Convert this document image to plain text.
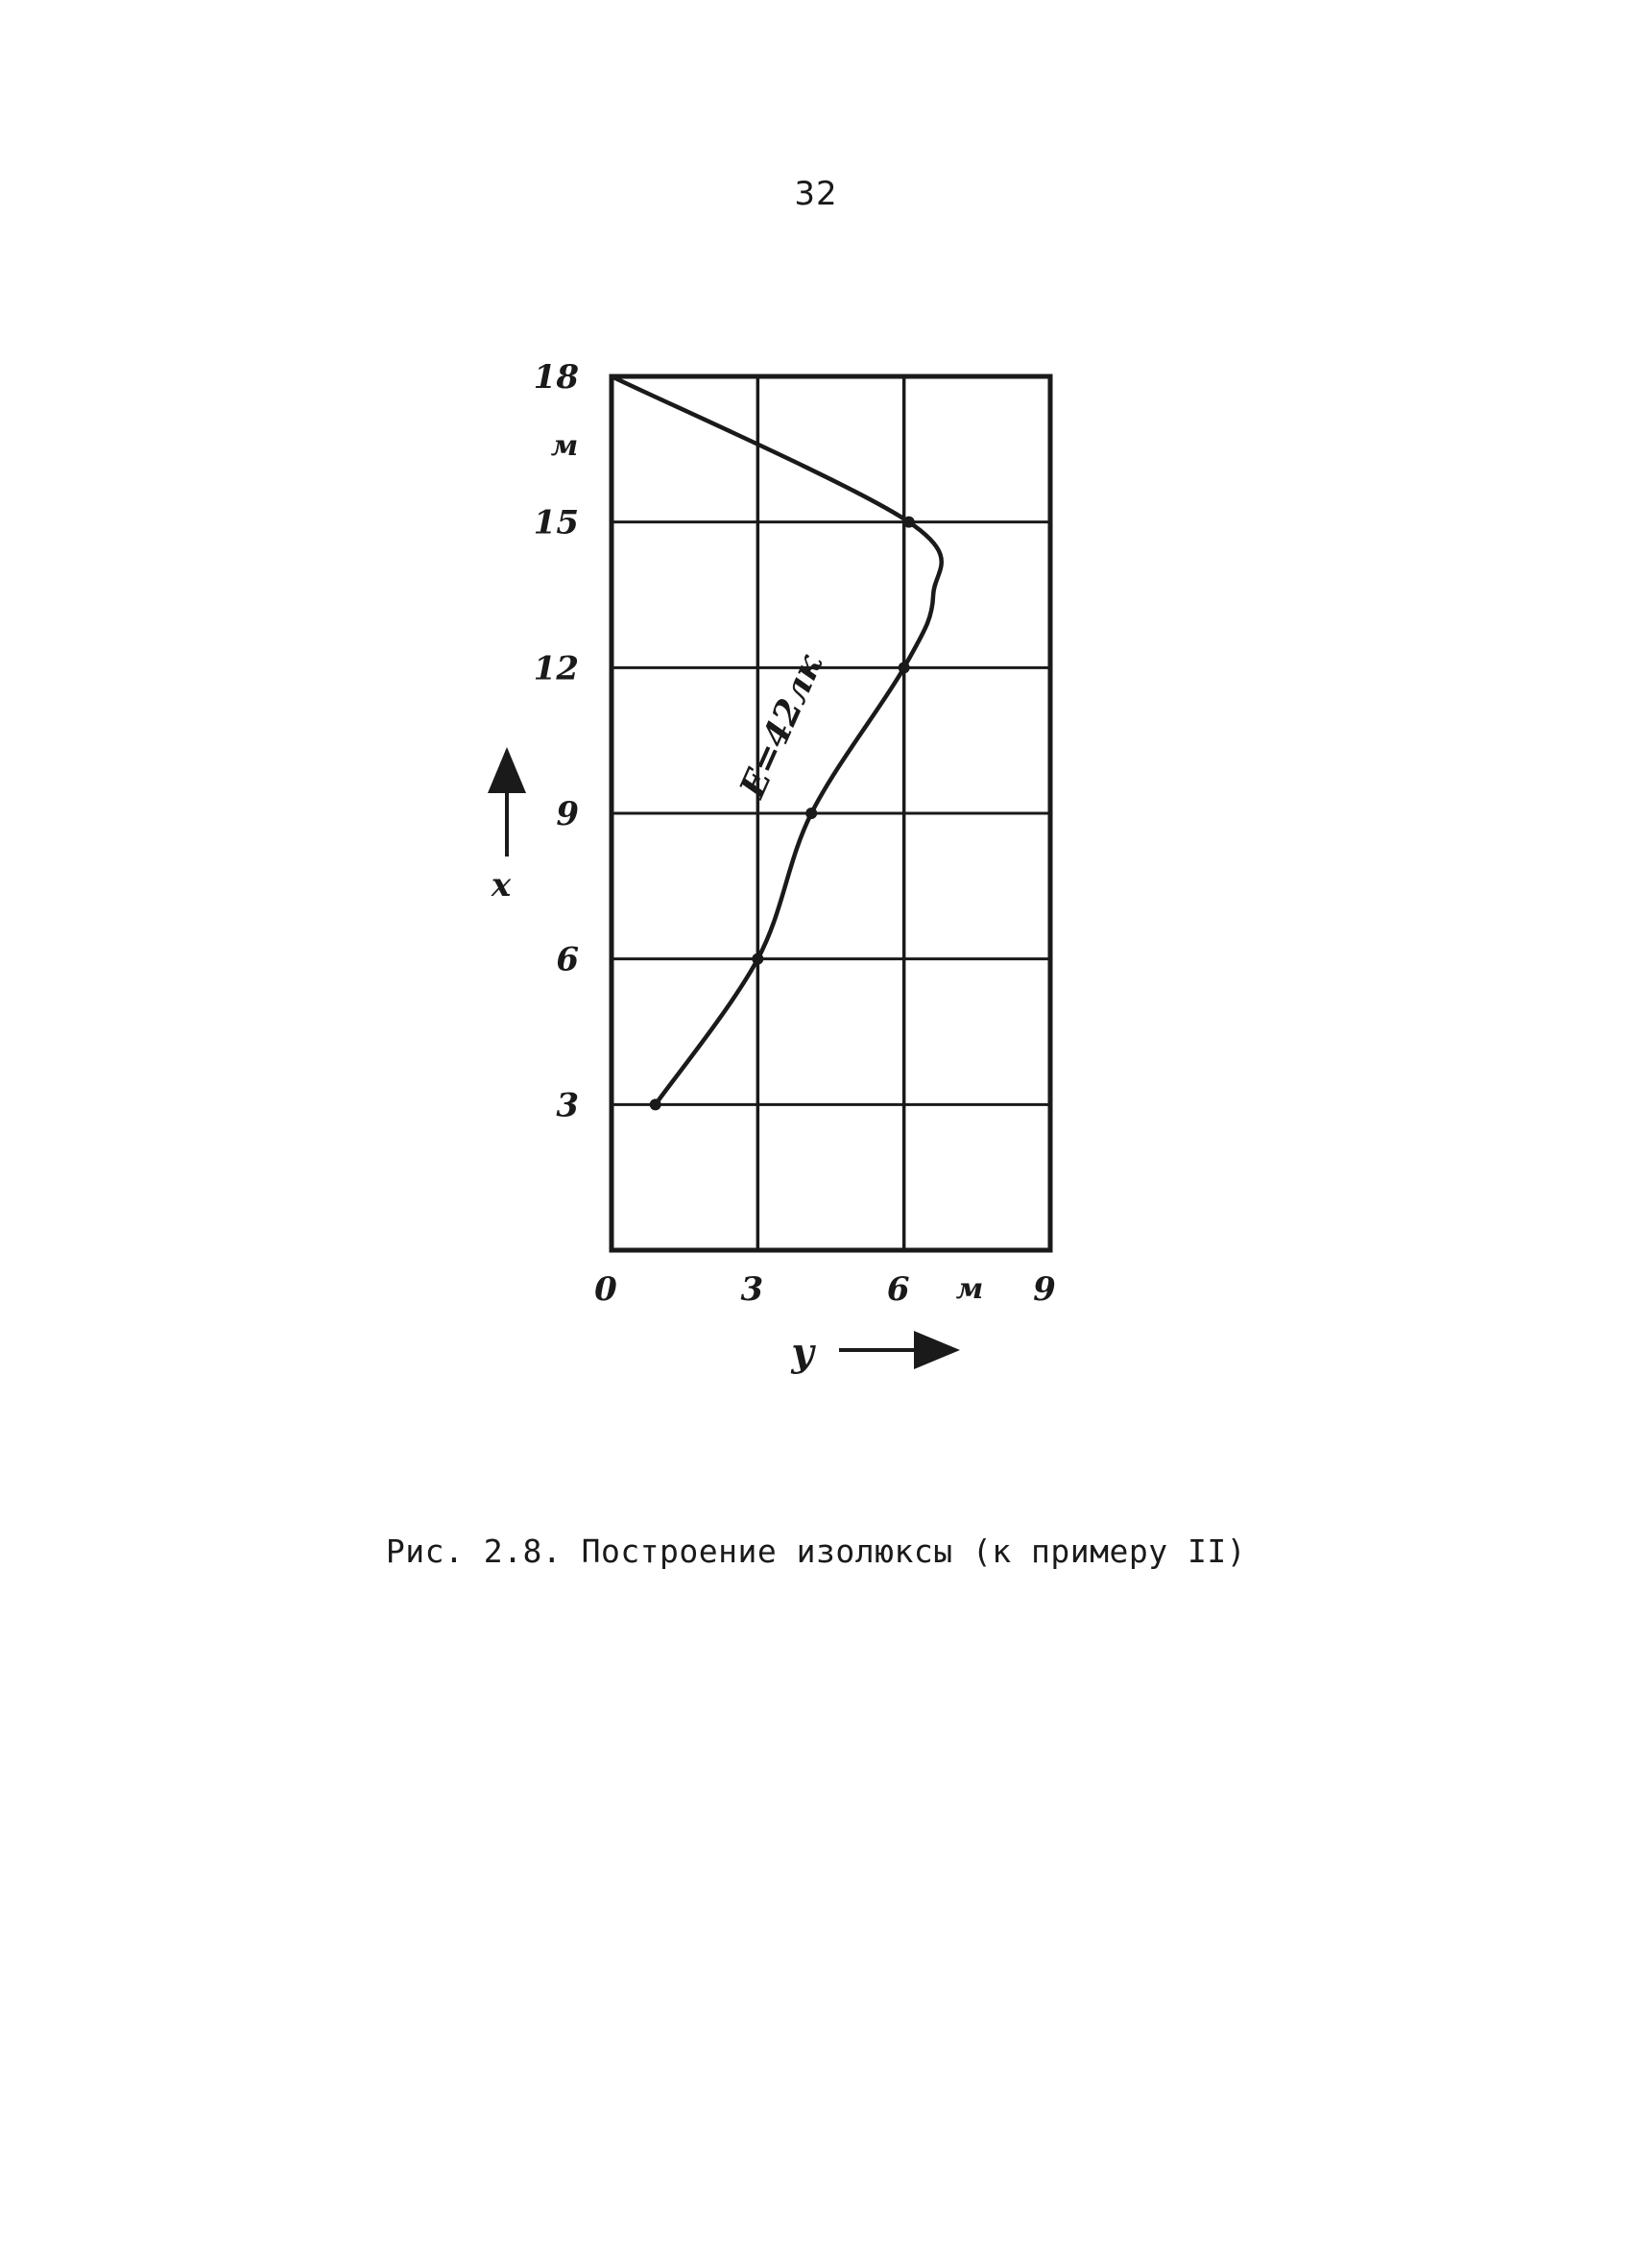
32
0	3	6	9
3
6
9
12
15
18
м
м
x
y
E=42лк
Рис. 2.8. Построение изолюксы (к примеру II)
